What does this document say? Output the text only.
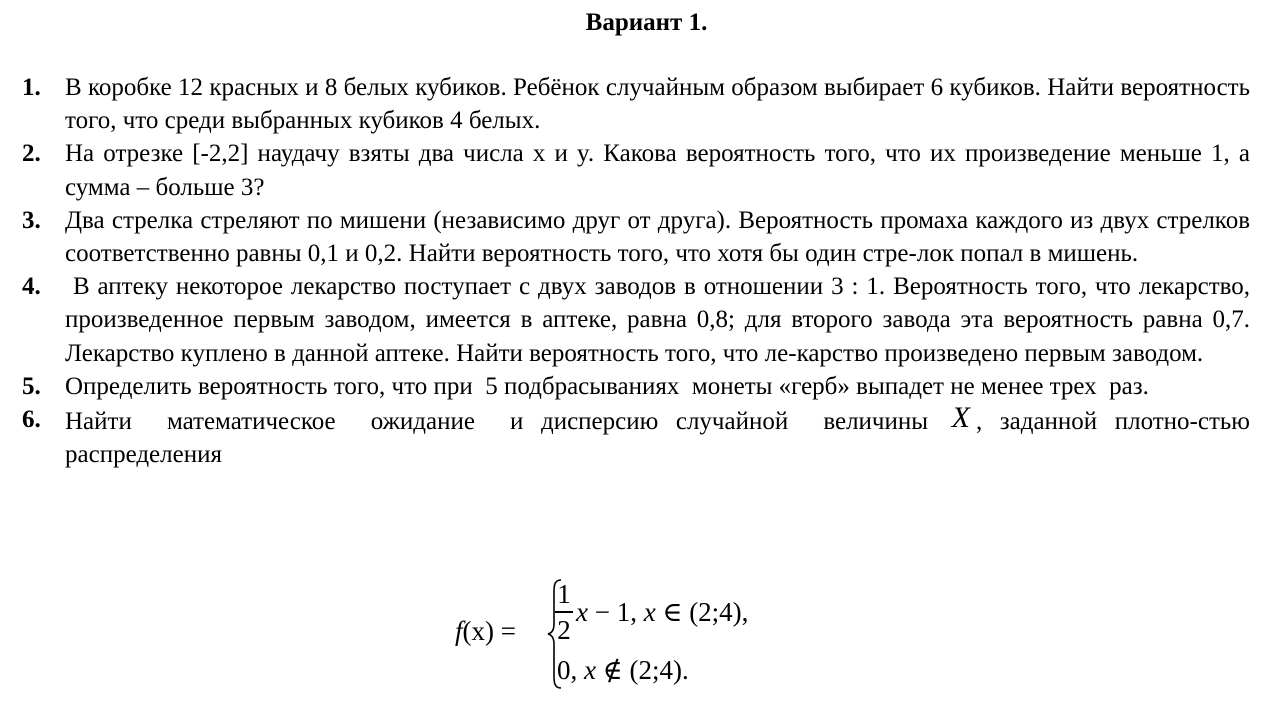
Вариант 1.
1. В коробке 12 красных и 8 белых кубиков. Ребёнок случайным образом выбирает 6 кубиков. Найти вероятность того, что среди выбранных кубиков 4 белых.
2. На отрезке [-2,2] наудачу взяты два числа x и y. Какова вероятность того, что их произведение меньше 1, а сумма – больше 3?
3. Два стрелка стреляют по мишени (независимо друг от друга). Вероятность промаха каждого из двух стрелков соответственно равны 0,1 и 0,2. Найти вероятность того, что хотя бы один стре-лок попал в мишень.
4. В аптеку некоторое лекарство поступает с двух заводов в отношении 3 : 1. Вероятность того, что лекарство, произведенное первым заводом, имеется в аптеке, равна 0,8; для второго завода эта вероятность равна 0,7. Лекарство куплено в данной аптеке. Найти вероятность того, что ле-карство произведено первым заводом.
5. Определить вероятность того, что при  5 подбрасываниях  монеты «герб» выпадет не менее трех  раз.
6. Найти  математическое  ожидание  и дисперсию случайной  величины X , заданной плотно-стью распределения
$f(x) = \frac{1}{2}$ x − 1, x ∈ (2;4),
0, x ∉ (2;4).
